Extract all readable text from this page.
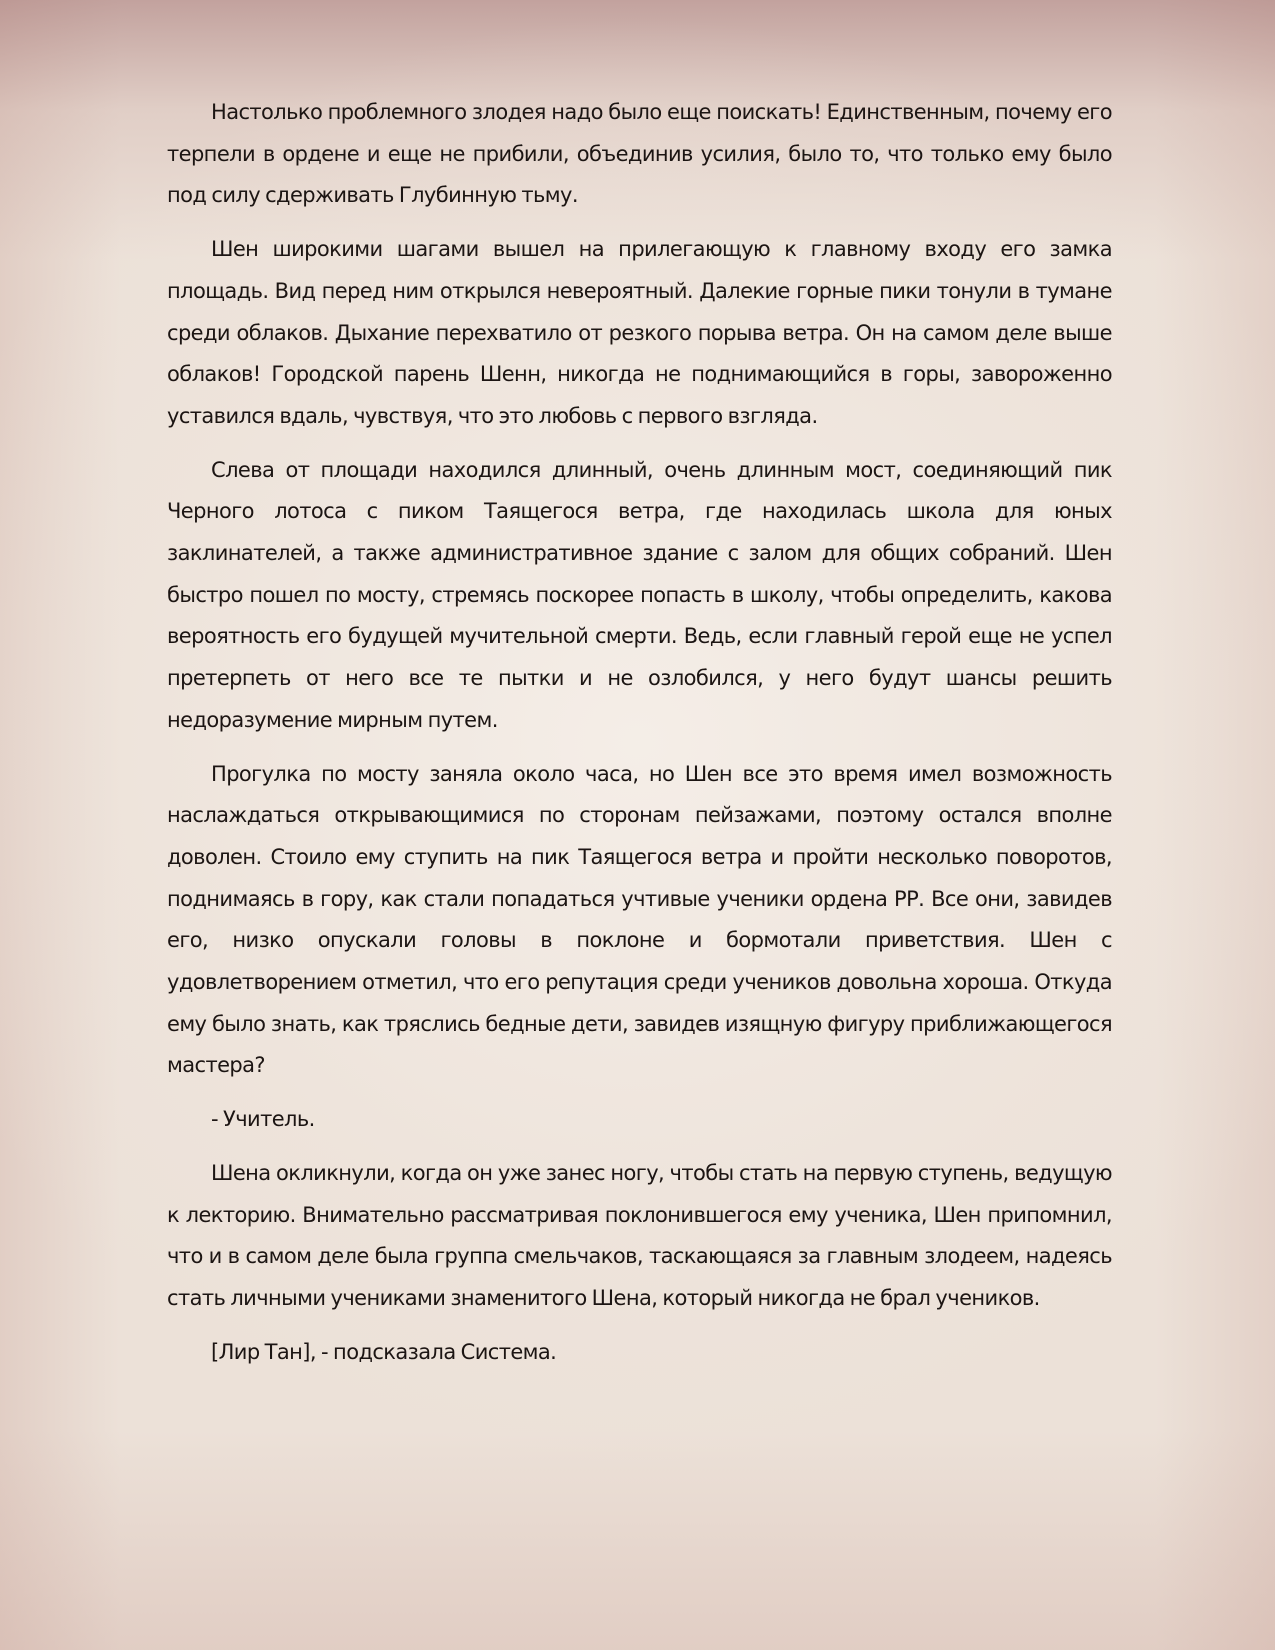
Настолько проблемного злодея надо было еще поискать! Единственным, почему его терпели в ордене и еще не прибили, объединив усилия, было то, что только ему было под силу сдерживать Глубинную тьму.

Шен широкими шагами вышел на прилегающую к главному входу его замка площадь. Вид перед ним открылся невероятный. Далекие горные пики тонули в тумане среди облаков. Дыхание перехватило от резкого порыва ветра. Он на самом деле выше облаков! Городской парень Шенн, никогда не поднимающийся в горы, завороженно уставился вдаль, чувствуя, что это любовь с первого взгляда.

Слева от площади находился длинный, очень длинным мост, соединяющий пик Черного лотоса с пиком Таящегося ветра, где находилась школа для юных заклинателей, а также административное здание с залом для общих собраний. Шен быстро пошел по мосту, стремясь поскорее попасть в школу, чтобы определить, какова вероятность его будущей мучительной смерти. Ведь, если главный герой еще не успел претерпеть от него все те пытки и не озлобился, у него будут шансы решить недоразумение мирным путем.

Прогулка по мосту заняла около часа, но Шен все это время имел возможность наслаждаться открывающимися по сторонам пейзажами, поэтому остался вполне доволен. Стоило ему ступить на пик Таящегося ветра и пройти несколько поворотов, поднимаясь в гору, как стали попадаться учтивые ученики ордена РР. Все они, завидев его, низко опускали головы в поклоне и бормотали приветствия. Шен с удовлетворением отметил, что его репутация среди учеников довольна хороша. Откуда ему было знать, как тряслись бедные дети, завидев изящную фигуру приближающегося мастера?

- Учитель.

Шена окликнули, когда он уже занес ногу, чтобы стать на первую ступень, ведущую к лекторию. Внимательно рассматривая поклонившегося ему ученика, Шен припомнил, что и в самом деле была группа смельчаков, таскающаяся за главным злодеем, надеясь стать личными учениками знаменитого Шена, который никогда не брал учеников.

[Лир Тан], - подсказала Система.
